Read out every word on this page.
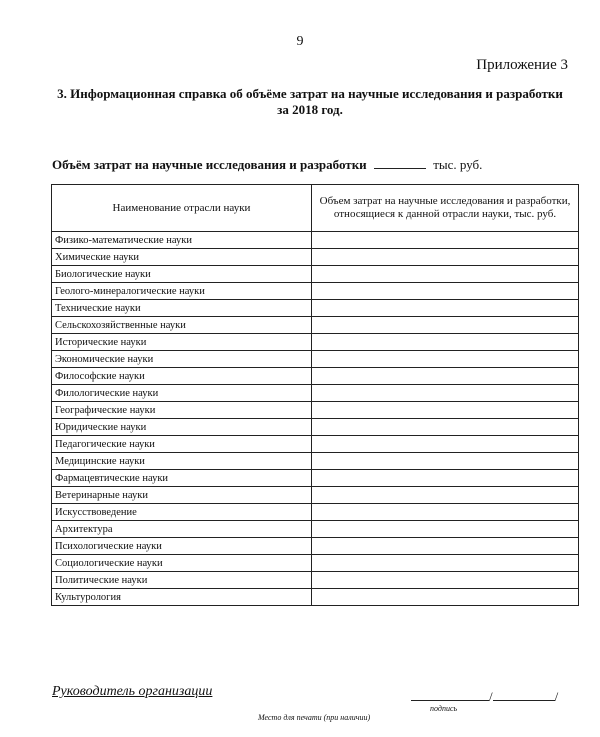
9
Приложение 3
3. Информационная справка об объёме затрат на научные исследования и разработки
за 2018 год.
Объём затрат на научные исследования и разработки	тыс. руб.
Наименование отрасли науки	Объем затрат на научные исследования и разработки, относящиеся к данной отрасли науки, тыс. руб.
Физико-математические науки	
Химические науки	
Биологические науки	
Геолого-минералогические науки	
Технические науки	
Сельскохозяйственные науки	
Исторические науки	
Экономические науки	
Философские науки	
Филологические науки	
Географические науки	
Юридические науки	
Педагогические науки	
Медицинские науки	
Фармацевтические науки	
Ветеринарные науки	
Искусствоведение	
Архитектура	
Психологические науки	
Социологические науки	
Политические науки	
Культурология	
Руководитель организации	/	/
подпись
Место для печати (при наличии)
